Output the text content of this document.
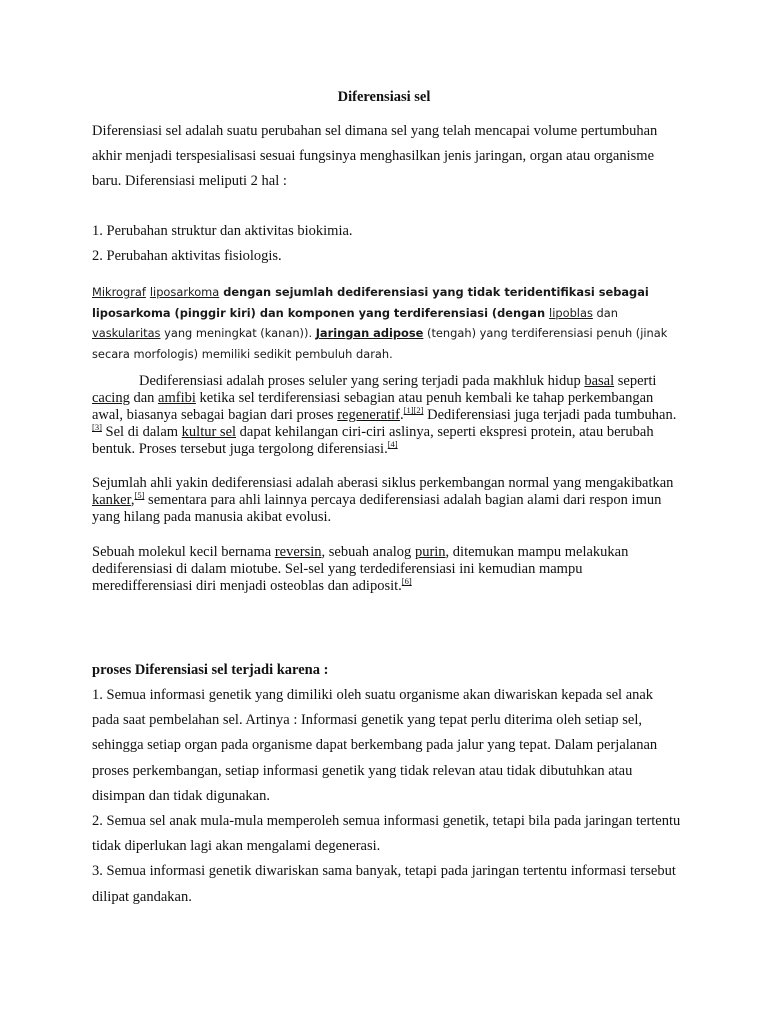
Diferensiasi sel

Diferensiasi sel adalah suatu perubahan sel dimana sel yang telah mencapai volume pertumbuhan akhir menjadi terspesialisasi sesuai fungsinya menghasilkan jenis jaringan, organ atau organisme baru. Diferensiasi meliputi 2 hal :

1. Perubahan struktur dan aktivitas biokimia.
2. Perubahan aktivitas fisiologis.

Mikrograf liposarkoma dengan sejumlah dediferensiasi yang tidak teridentifikasi sebagai liposarkoma (pinggir kiri) dan komponen yang terdiferensiasi (dengan lipoblas dan vaskularitas yang meningkat (kanan)). Jaringan adipose (tengah) yang terdiferensiasi penuh (jinak secara morfologis) memiliki sedikit pembuluh darah.

Dediferensiasi adalah proses seluler yang sering terjadi pada makhluk hidup basal seperti cacing dan amfibi ketika sel terdiferensiasi sebagian atau penuh kembali ke tahap perkembangan awal, biasanya sebagai bagian dari proses regeneratif.[1][2] Dediferensiasi juga terjadi pada tumbuhan.[3] Sel di dalam kultur sel dapat kehilangan ciri-ciri aslinya, seperti ekspresi protein, atau berubah bentuk. Proses tersebut juga tergolong diferensiasi.[4]

Sejumlah ahli yakin dediferensiasi adalah aberasi siklus perkembangan normal yang mengakibatkan kanker,[5] sementara para ahli lainnya percaya dediferensiasi adalah bagian alami dari respon imun yang hilang pada manusia akibat evolusi.

Sebuah molekul kecil bernama reversin, sebuah analog purin, ditemukan mampu melakukan dediferensiasi di dalam miotube. Sel-sel yang terdediferensiasi ini kemudian mampu meredifferensiasi diri menjadi osteoblas dan adiposit.[6]

proses Diferensiasi sel terjadi karena :
1. Semua informasi genetik yang dimiliki oleh suatu organisme akan diwariskan kepada sel anak pada saat pembelahan sel. Artinya : Informasi genetik yang tepat perlu diterima oleh setiap sel, sehingga setiap organ pada organisme dapat berkembang pada jalur yang tepat. Dalam perjalanan proses perkembangan, setiap informasi genetik yang tidak relevan atau tidak dibutuhkan atau disimpan dan tidak digunakan.
2. Semua sel anak mula-mula memperoleh semua informasi genetik, tetapi bila pada jaringan tertentu tidak diperlukan lagi akan mengalami degenerasi.
3. Semua informasi genetik diwariskan sama banyak, tetapi pada jaringan tertentu informasi tersebut dilipat gandakan.
